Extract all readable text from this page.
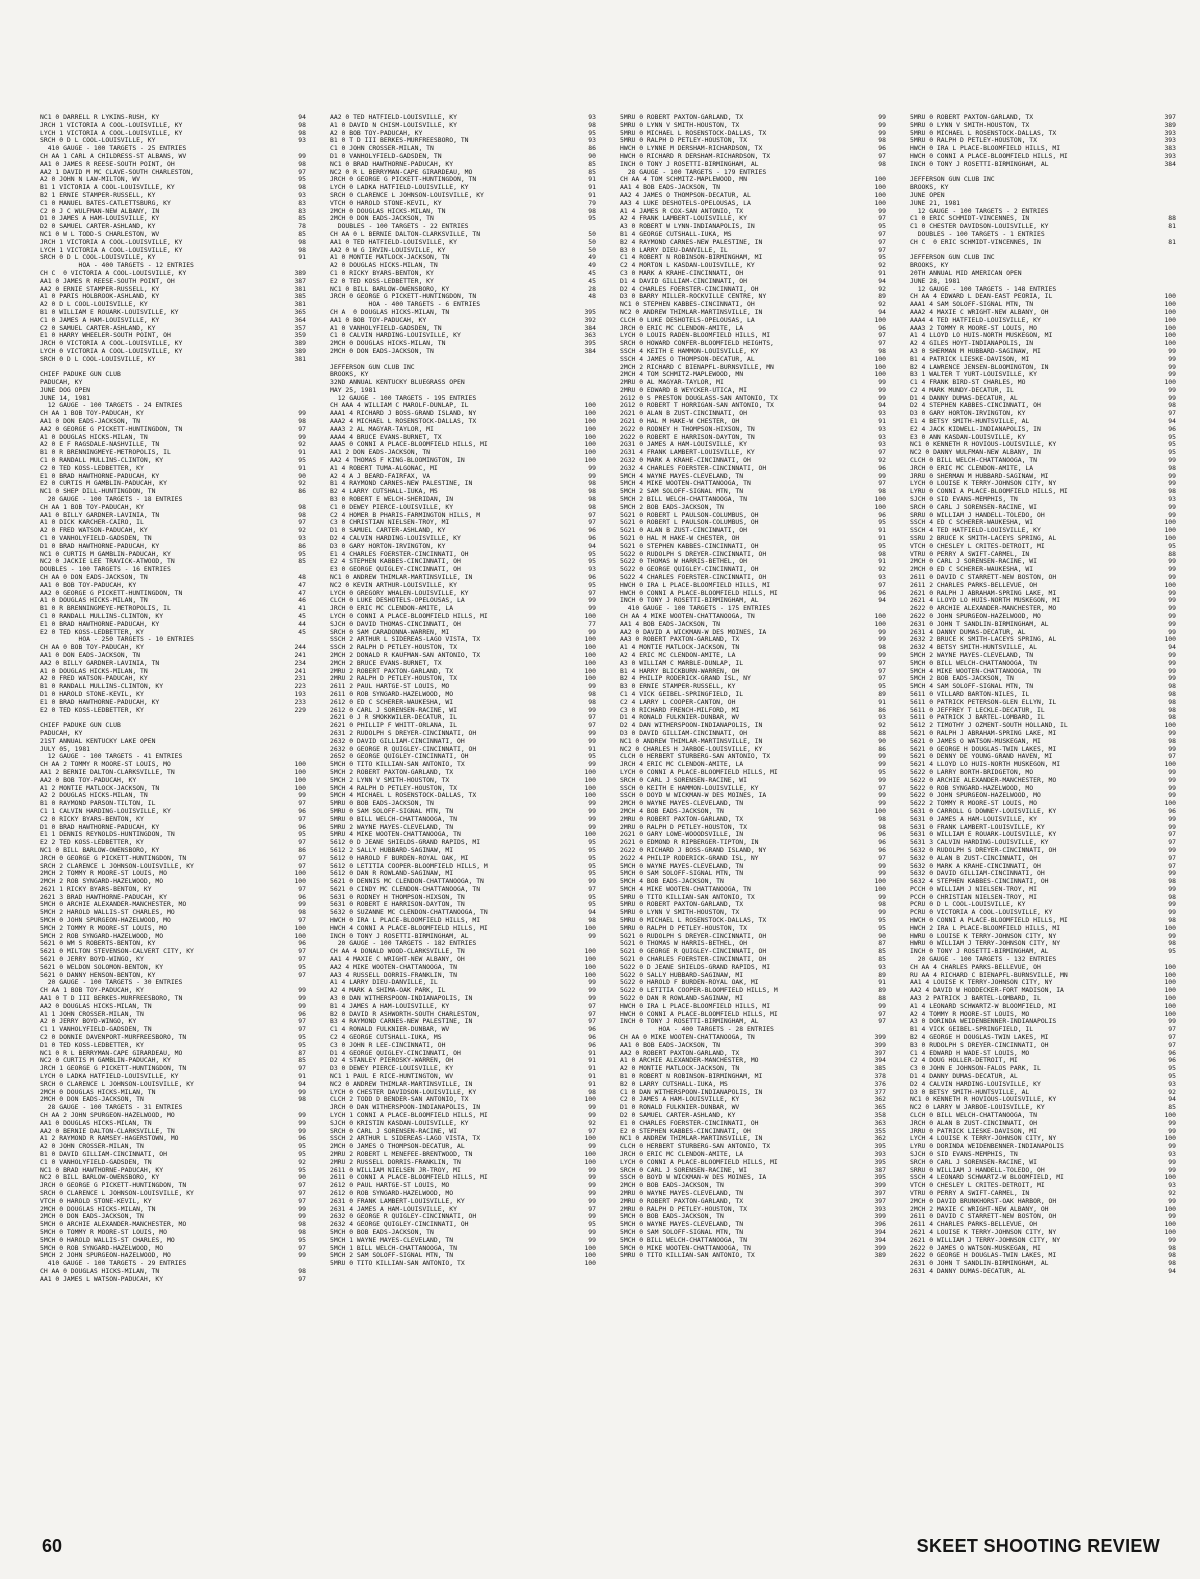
NC1 0 DARRELL R LYKINS-RUSH, KY	94
JRCH 1 VICTORIA A COOL-LOUISVILLE, KY	98
LYCH 1 VICTORIA A COOL-LOUISVILLE, KY	98
SRCH 0 D L COOL-LOUISVILLE, KY	93
410 GAUGE - 100 TARGETS - 25 ENTRIES
CH AA 1 CARL A CHILDRESS-ST ALBANS, WV	99
AA1 0 JAMES R REESE-SOUTH POINT, OH	98
AA2 1 DAVID M MC CLAVE-SOUTH CHARLESTON,	97
A2 0 JOHN N LAW-MILTON, WV	95
B1 1 VICTORIA A COOL-LOUISVILLE, KY	98
B2 1 ERNIE STAMPER-RUSSELL, KY	93
C1 0 MANUEL BATES-CATLETTSBURG, KY	83
C2 0 J C WULFMAN-NEW ALBANY, IN	83
D1 0 JAMES A HAM-LOUISVILLE, KY	85
D2 0 SAMUEL CARTER-ASHLAND, KY	78
NC1 0 W L TODD-S CHARLESTON, WV	85
JRCH 1 VICTORIA A COOL-LOUISVILLE, KY	98
LYCH 1 VICTORIA A COOL-LOUISVILLE, KY	98
SRCH 0 D L COOL-LOUISVILLE, KY	91
HOA - 400 TARGETS - 12 ENTRIES
CH C  0 VICTORIA A COOL-LOUISVILLE, KY	389
AA1 0 JAMES R REESE-SOUTH POINT, OH	387
AA2 0 ERNIE STAMPER-RUSSELL, KY	381
A1 0 PARIS HOLBROOK-ASHLAND, KY	385
A2 0 D L COOL-LOUISVILLE, KY	381
B1 0 WILLIAM E ROUARK-LOUISVILLE, KY	365
C1 0 JAMES A HAM-LOUISVILLE, KY	364
C2 0 SAMUEL CARTER-ASHLAND, KY	357
E1 0 HARRY WHEELER-SOUTH POINT, OH	359
JRCH 0 VICTORIA A COOL-LOUISVILLE, KY	389
LYCH 0 VICTORIA A COOL-LOUISVILLE, KY	389
SRCH 0 D L COOL-LOUISVILLE, KY	381
CHIEF PADUKE GUN CLUB
PADUCAH, KY
JUNE DOG OPEN
JUNE 14, 1981
12 GAUGE - 100 TARGETS - 24 ENTRIES
CH AA 1 BOB TOY-PADUCAH, KY	99
AA1 0 DON EADS-JACKSON, TN	98
AA2 0 GEORGE G PICKETT-HUNTINGDON, TN	97
A1 0 DOUGLAS HICKS-MILAN, TN	99
A2 0 E F RAGSDALE-NASHVILLE, TN	92
B1 0 R BRENNINGMEYE-METROPOLIS, IL	91
C1 0 RANDALL MULLINS-CLINTON, KY	95
C2 0 TED KOSS-LEDBETTER, KY	91
E1 0 BRAD HAWTHORNE-PADUCAH, KY	90
E2 0 CURTIS M GAMBLIN-PADUCAH, KY	92
NC1 0 SHEP DILL-HUNTINGDON, TN	86
20 GAUGE - 100 TARGETS - 18 ENTRIES
CH AA 1 BOB TOY-PADUCAH, KY	98
AA1 0 BILLY GARDNER-LAVINIA, TN	98
A1 0 DICK KARCHER-CAIRO, IL	97
A2 0 FRED WATSON-PADUCAH, KY	92
C1 0 VANHOLYFIELD-GADSDEN, TN	93
D1 0 BRAD HAWTHORNE-PADUCAH, KY	86
NC1 0 CURTIS M GAMBLIN-PADUCAH, KY	95
NC2 0 JACKIE LEE TRAVICK-ATWOOD, TN	85
DOUBLES - 100 TARGETS - 16 ENTRIES
CH AA 0 DON EADS-JACKSON, TN	48
AA1 0 BOB TOY-PADUCAH, KY	47
AA2 0 GEORGE G PICKETT-HUNTINGDON, TN	47
A1 0 DOUGLAS HICKS-MILAN, TN	46
B1 0 R BRENNINGMEYE-METROPOLIS, IL	41
C1 0 RANDALL MULLINS-CLINTON, KY	45
E1 0 BRAD HAWTHORNE-PADUCAH, KY	44
E2 0 TED KOSS-LEDBETTER, KY	45
HOA - 250 TARGETS - 10 ENTRIES
CH AA 0 BOB TOY-PADUCAH, KY	244
AA1 0 DON EADS-JACKSON, TN	241
AA2 0 BILLY GARDNER-LAVINIA, TN	234
A1 0 DOUGLAS HICKS-MILAN, TN	241
A2 0 FRED WATSON-PADUCAH, KY	231
B1 0 RANDALL MULLINS-CLINTON, KY	223
D1 0 HAROLD STONE-KEVIL, KY	193
E1 0 BRAD HAWTHORNE-PADUCAH, KY	233
E2 0 TED KOSS-LEDBETTER, KY	229
CHIEF PADUKE GUN CLUB
PADUCAH, KY
21ST ANNUAL KENTUCKY LAKE OPEN
JULY 05, 1981
12 GAUGE - 100 TARGETS - 41 ENTRIES
CH AA 2 TOMMY R MOORE-ST LOUIS, MO	100
AA1 2 BERNIE DALTON-CLARKSVILLE, TN	100
AA2 0 BOB TOY-PADUCAH, KY	100
A1 2 MONTIE MATLOCK-JACKSON, TN	100
A2 2 DOUGLAS HICKS-MILAN, TN	99
B1 0 RAYMOND PARSON-TILTON, IL	97
C1 1 CALVIN HARDING-LOUISVILLE, KY	96
C2 0 RICKY BYARS-BENTON, KY	97
D1 0 BRAD HAWTHORNE-PADUCAH, KY	96
E1 1 DENNIS REYNOLDS-HUNTINGDON, TN	95
E2 2 TED KOSS-LEDBETTER, KY	97
NC1 0 BILL BARLOW-OWENSBORO, KY	86
JRCH 0 GEORGE G PICKETT-HUNTINGDON, TN	97
SRCH 2 CLARENCE L JOHNSON-LOUISVILLE, KY	97
2MCH 2 TOMMY R MOORE-ST LOUIS, MO	100
2MCH 2 ROB SYNGARD-HAZELWOOD, MO	100
2621 1 RICKY BYARS-BENTON, KY	97
2621 3 BRAD HAWTHORNE-PADUCAH, KY	96
5MCH 0 ARCHIE ALEXANDER-MANCHESTER, MO	99
5MCH 2 HAROLD WALLIS-ST CHARLES, MO	98
5MCH 0 JOHN SPURGEON-HAZELWOOD, MO	97
5MCH 2 TOMMY R MOORE-ST LOUIS, MO	100
5MCH 2 ROB SYNGARD-HAZELWOOD, MO	100
5621 0 WM S ROBERTS-BENTON, KY	96
5621 0 MILTON STEVENSON-CALVERT CITY, KY	97
5621 0 JERRY BOYD-WINGO, KY	97
5621 0 WELDON SOLOMON-BENTON, KY	95
5621 0 DANNY HENSON-BENTON, KY	97
20 GAUGE - 100 TARGETS - 30 ENTRIES
CH AA 1 BOB TOY-PADUCAH, KY	99
AA1 0 T D III BERKES-MURFREESBORO, TN	99
AA2 0 DOUGLAS HICKS-MILAN, TN	99
A1 1 JOHN CROSSER-MILAN, TN	96
A2 0 JERRY BOYD-WINGO, KY	97
C1 1 VANHOLYFIELD-GADSDEN, TN	97
C2 0 DONNIE DAVENPORT-MURFREESBORO, TN	95
D1 0 TED KOSS-LEDBETTER, KY	95
NC1 0 R L BERRYMAN-CAPE GIRARDEAU, MO	87
NC2 0 CURTIS M GAMBLIN-PADUCAH, KY	85
JRCH 1 GEORGE G PICKETT-HUNTINGDON, TN	97
LYCH 0 LADKA HATFIELD-LOUISVILLE, KY	91
SRCH 0 CLARENCE L JOHNSON-LOUISVILLE, KY	94
2MCH 0 DOUGLAS HICKS-MILAN, TN	99
2MCH 0 DON EADS-JACKSON, TN	98
28 GAUGE - 100 TARGETS - 31 ENTRIES
CH AA 2 JOHN SPURGEON-HAZELWOOD, MO	99
AA1 0 DOUGLAS HICKS-MILAN, TN	99
AA2 0 BERNIE DALTON-CLARKSVILLE, TN	99
A1 2 RAYMOND R RAMSEY-HAGERSTOWN, MO	96
A2 0 JOHN CROSSER-MILAN, TN	95
B1 0 DAVID GILLIAM-CINCINNATI, OH	95
C1 0 VANHOLYFIELD-GADSDEN, TN	92
NC1 0 BRAD HAWTHORNE-PADUCAH, KY	95
NC2 0 BILL BARLOW-OWENSBORO, KY	90
JRCH 0 GEORGE G PICKETT-HUNTINGDON, TN	97
SRCH 0 CLARENCE L JOHNSON-LOUISVILLE, KY	97
VTCH 0 HAROLD STONE-KEVIL, KY	97
2MCH 0 DOUGLAS HICKS-MILAN, TN	99
2MCH 0 DON EADS-JACKSON, TN	99
5MCH 0 ARCHIE ALEXANDER-MANCHESTER, MO	98
5MCH 0 TOMMY R MOORE-ST LOUIS, MO	98
5MCH 0 HAROLD WALLIS-ST CHARLES, MO	95
5MCH 0 ROB SYNGARD-HAZELWOOD, MO	97
5MCH 2 JOHN SPURGEON-HAZELWOOD, MO	99
410 GAUGE - 100 TARGETS - 29 ENTRIES
CH AA 0 DOUGLAS HICKS-MILAN, TN	98
AA1 0 JAMES L WATSON-PADUCAH, KY	97
AA2 0 TED HATFIELD-LOUISVILLE, KY	93
A1 0 DAVID N CHISM-LOUISVILLE, KY	98
A2 0 BOB TOY-PADUCAH, KY	95
B1 0 T D III BERKES-MURFREESBORO, TN	93
C1 0 JOHN CROSSER-MILAN, TN	86
D1 0 VANHOLYFIELD-GADSDEN, TN	90
NC1 0 BRAD HAWTHORNE-PADUCAH, KY	85
NC2 0 R L BERRYMAN-CAPE GIRARDEAU, MO	85
JRCH 0 GEORGE G PICKETT-HUNTINGDON, TN	91
LYCH 0 LADKA HATFIELD-LOUISVILLE, KY	91
SRCH 0 CLARENCE L JOHNSON-LOUISVILLE, KY	91
VTCH 0 HAROLD STONE-KEVIL, KY	79
2MCH 0 DOUGLAS HICKS-MILAN, TN	98
2MCH 0 DON EADS-JACKSON, TN	95
DOUBLES - 100 TARGETS - 22 ENTRIES
CH AA 0 L BERNIE DALTON-CLARKSVILLE, TN	50
AA1 0 TED HATFIELD-LOUISVILLE, KY	50
AA2 0 W G IRVIN-LOUISVILLE, KY	50
A1 0 MONTIE MATLOCK-JACKSON, TN	49
A2 0 DOUGLAS HICKS-MILAN, TN	49
C1 0 RICKY BYARS-BENTON, KY	45
E2 0 TED KOSS-LEDBETTER, KY	45
NC1 0 BILL BARLOW-OWENSBORO, KY	28
JRCH 0 GEORGE G PICKETT-HUNTINGDON, TN	48
HOA - 400 TARGETS - 6 ENTRIES
CH A  0 DOUGLAS HICKS-MILAN, TN	395
AA1 0 BOB TOY-PADUCAH, KY	392
A1 0 VANHOLYFIELD-GADSDEN, TN	384
C1 0 CALVIN HARDING-LOUISVILLE, KY	363
2MCH 0 DOUGLAS HICKS-MILAN, TN	395
2MCH 0 DON EADS-JACKSON, TN	384
JEFFERSON GUN CLUB INC
BROOKS, KY
32ND ANNUAL KENTUCKY BLUEGRASS OPEN
MAY 25, 1981
12 GAUGE - 100 TARGETS - 195 ENTRIES
CH AAA 4 WILLIAM C MAROLF-DUNLAP, IL	100
AAA1 4 RICHARD J BOSS-GRAND ISLAND, NY	100
AAA2 4 MICHAEL L ROSENSTOCK-DALLAS, TX	100
AAA3 2 AL MAGYAR-TAYLOR, MI	100
AAA4 4 BRUCE EVANS-BURNET, TX	100
AAA5 0 CONNI A PLACE-BLOOMFIELD HILLS, MI	100
AA1 2 DON EADS-JACKSON, TN	100
AA2 4 THOMAS F KING-BLOOMINGTON, IN	100
A1 4 ROBERT TUMA-ALGONAC, MI	99
A2 4 A J BEARD-FAIRFAX, VA	99
B1 4 RAYMOND CARNES-NEW PALESTINE, IN	98
B2 4 LARRY CUTSHALL-IUKA, MS	98
B3 0 ROBERT E WELCH-SHERIDAN, IN	98
C1 0 DEWEY PIERCE-LOUISVILLE, KY	98
C2 4 HOMER B PHARIS-FARMINGTON HILLS, M	97
C3 0 CHRISTIAN NIELSEN-TROY, MI	97
D1 0 SAMUEL CARTER-ASHLAND, KY	96
D2 4 CALVIN HARDING-LOUISVILLE, KY	96
D3 0 GARY HORTON-IRVINGTON, KY	94
E1 4 CHARLES FOERSTER-CINCINNATI, OH	95
E2 4 STEPHEN KABBES-CINCINNATI, OH	95
E3 0 GEORGE QUIGLEY-CINCINNATI, OH	93
NC1 0 ANDREW THIMLAR-MARTINSVILLE, IN	96
NC2 0 KEVIN ARTHUR-LOUISVILLE, KY	95
LYCH 0 GREGORY WHALEN-LOUISVILLE, KY	97
CLCH 0 LUKE DESHOTELS-OPELOUSAS, LA	99
JRCH 0 ERIC MC CLENDON-AMITE, LA	99
LYCH 0 CONNI A PLACE-BLOOMFIELD HILLS, MI	100
SJCH 0 DAVID THOMAS-CINCINNATI, OH	77
SRCH 0 SAM CARADONNA-WARREN, MI	99
SSCH 2 ARTHUR L SIDEREAS-LAGO VISTA, TX	100
SSCH 2 RALPH D PETLEY-HOUSTON, TX	100
2MCH 2 DONALD R KAUFMAN-SAN ANTONIO, TX	100
2MCH 2 BRUCE EVANS-BURNET, TX	100
2MRU 2 ROBERT PAXTON-GARLAND, TX	100
2MRU 2 RALPH D PETLEY-HOUSTON, TX	100
2611 2 PAUL HARTGE-ST LOUIS, MO	99
2611 0 ROB SYNGARD-HAZELWOOD, MO	98
2612 0 ED C SCHERER-WAUKESHA, WI	98
2612 0 CARL J SORENSEN-RACINE, WI	99
2621 0 J R SMOKKWILER-DECATUR, IL	97
2621 0 PHILLIP F WHITT-ORLANA, IL	97
2631 2 RUDOLPH S DREYER-CINCINNATI, OH	99
2632 0 DAVID GILLIAM-CINCINNATI, OH	99
2632 0 GEORGE R QUIGLEY-CINCINNATI, OH	91
2652 0 GEORGE QUIGLEY-CINCINNATI, OH	95
5MCH 0 TITO KILLIAN-SAN ANTONIO, TX	99
5MCH 2 ROBERT PAXTON-GARLAND, TX	100
5MCH 2 LYNN V SMITH-HOUSTON, TX	100
5MCH 4 RALPH D PETLEY-HOUSTON, TX	100
5MCH 4 MICHAEL L ROSENSTOCK-DALLAS, TX	100
5MRU 0 BOB EADS-JACKSON, TN	99
5MRU 0 SAM SOLOFF-SIGNAL MTN, TN	99
5MRU 0 BILL WELCH-CHATTANOOGA, TN	99
5MRU 2 WAYNE MAYES-CLEVELAND, TN	99
5MRU 4 MIKE WOOTEN-CHATTANOOGA, TN	100
5612 0 D JEANE SHIELDS-GRAND RAPIDS, MI	95
5612 2 SALLY HUBBARD-SAGINAW, MI	95
5612 0 HAROLD F BURDEN-ROYAL OAK, MI	95
5612 0 LETITIA COOPER-BLOOMFIELD HILLS, M	95
5612 0 DAN R ROWLAND-SAGINAW, MI	95
5621 0 DENNIS MC CLENDON-CHATTANOOGA, TN	99
5621 0 CINDY MC CLENDON-CHATTANOOGA, TN	97
5631 0 RODNEY H THOMPSON-HIXSON, TN	95
5631 0 ROBERT E HARRISON-DAYTON, TN	95
5632 0 SUZANNE MC CLENDON-CHATTANOOGA, TN	94
HWCH 0 IRA L PLACE-BLOOMFIELD HILLS, MI	98
HWCH 4 CONNI A PLACE-BLOOMFIELD HILLS, MI	100
INCH 0 TONY J ROSETTI-BIRMINGHAM, AL	99
20 GAUGE - 100 TARGETS - 182 ENTRIES
CH AA 4 DONALD WOOD-CLARKSVILLE, TN	100
AA1 4 MAXIE C WRIGHT-NEW ALBANY, OH	100
AA2 4 MIKE WOOTEN-CHATTANOOGA, TN	100
AA3 4 RUSSELL DORRIS-FRANKLIN, TN	100
A1 4 LARRY DIEU-DANVILLE, IL	99
A2 4 MARK A SHIMA-OAK PARK, IL	99
A3 0 DAN WITHERSPOON-INDIANAPOLIS, IN	99
B1 4 JAMES A HAM-LOUISVILLE, KY	97
B2 0 DAVID R ASHWORTH-SOUTH CHARLESTON,	97
B3 4 RAYMOND CARNES-NEW PALESTINE, IN	97
C1 4 RONALD FULKNIER-DUNBAR, WV	96
C2 4 GEORGE CUTSHALL-IUKA, MS	96
C3 0 JOHN R LEE-CINCINNATI, OH	96
D1 4 GEORGE QUIGLEY-CINCINNATI, OH	91
D2 4 STANLEY PIEROSKY-WARREN, OH	91
D3 0 DEWEY PIERCE-LOUISVILLE, KY	91
NC1 1 PAUL E RICE-HUNTINGTON, WV	91
NC2 0 ANDREW THIMLAR-MARTINSVILLE, IN	91
LYCH 0 CHESTER DAVIDSON-LOUISVILLE, KY	98
CLCH 2 TODD D BENDER-SAN ANTONIO, TX	100
JRCH 0 DAN WITHERSPOON-INDIANAPOLIS, IN	99
LYCH 1 CONNI A PLACE-BLOOMFIELD HILLS, MI	99
SJCH 0 KRISTIN KASDAN-LOUISVILLE, KY	92
SRCH 0 CARL J SORENSEN-RACINE, WI	97
SSCH 2 ARTHUR L SIDEREAS-LAGO VISTA, TX	100
2MCH 0 JAMES O THOMPSON-DECATUR, AL	99
2MRU 2 ROBERT L MENEFEE-BRENTWOOD, TN	100
2MRU 2 RUSSELL DORRIS-FRANKLIN, TN	100
2611 0 WILLIAM NIELSEN JR-TROY, MI	99
2611 0 CONNI A PLACE-BLOOMFIELD HILLS, MI	99
2612 0 PAUL HARTGE-ST LOUIS, MO	99
2612 0 ROB SYNGARD-HAZELWOOD, MO	99
2631 0 FRANK LAMBERT-LOUISVILLE, KY	99
2631 4 JAMES A HAM-LOUISVILLE, KY	97
2632 0 GEORGE R QUIGLEY-CINCINNATI, OH	99
2632 4 GEORGE QUIGLEY-CINCINNATI, OH	95
5MCH 0 BOB EADS-JACKSON, TN	99
5MCH 1 WAYNE MAYES-CLEVELAND, TN	99
5MCH 1 BILL WELCH-CHATTANOOGA, TN	100
5MCH 2 SAM SOLOFF-SIGNAL MTN, TN	100
5MRU 0 TITO KILLIAN-SAN ANTONIO, TX	100
5MRU 0 ROBERT PAXTON-GARLAND, TX	99
5MRU 0 LYNN V SMITH-HOUSTON, TX	99
5MRU 0 MICHAEL L ROSENSTOCK-DALLAS, TX	99
5MRU 0 RALPH D PETLEY-HOUSTON, TX	98
HWCH 0 LYNNE M DERSHAM-RICHARDSON, TX	96
HWCH 0 RICHARD R DERSHAM-RICHARDSON, TX	97
INCH 0 TONY J ROSETTI-BIRMINGHAM, AL	98
28 GAUGE - 100 TARGETS - 179 ENTRIES
CH AA 4 TOM SCHMITZ-MAPLEWOOD, MN	100
AA1 4 BOB EADS-JACKSON, TN	100
AA2 4 JAMES O THOMPSON-DECATUR, AL	100
AA3 4 LUKE DESHOTELS-OPELOUSAS, LA	100
A1 4 JAMES R COX-SAN ANTONIO, TX	99
A2 4 FRANK LAMBERT-LOUISVILLE, KY	97
A3 0 ROBERT W LYNN-INDIANAPOLIS, IN	95
B1 4 GEORGE CUTSHALL-IUKA, MS	97
B2 4 RAYMOND CARNES-NEW PALESTINE, IN	97
B3 0 LARRY DIEU-DANVILLE, IL	97
C1 4 ROBERT N ROBINSON-BIRMINGHAM, MI	95
C2 4 MORTON L KASDAN-LOUISVILLE, KY	92
C3 0 MARK A KRAHE-CINCINNATI, OH	91
D1 4 DAVID GILLIAM-CINCINNATI, OH	94
D2 4 CHARLES FOERSTER-CINCINNATI, OH	92
D3 0 BARRY MILLER-ROCKVILLE CENTRE, NY	89
NC1 0 STEPHEN KABBES-CINCINNATI, OH	92
NC2 0 ANDREW THIMLAR-MARTINSVILLE, IN	94
CLCH 0 LUKE DESHOTELS-OPELOUSAS, LA	100
JRCH 0 ERIC MC CLENDON-AMITE, LA	96
LYCH 0 LOUIS RADEN-BLOOMFIELD HILLS, MI	97
SRCH 0 HOWARD CONFER-BLOOMFIELD HEIGHTS,	97
SSCH 4 KEITH E HAMMON-LOUISVILLE, KY	98
SSCH 4 JAMES O THOMPSON-DECATUR, AL	100
2MCH 2 RICHARD C BIENAPFL-BURNSVILLE, MN	100
2MCH 4 TOM SCHMITZ-MAPLEWOOD, MN	100
2MRU 0 AL MAGYAR-TAYLOR, MI	99
2MRU 0 EDWARD B WEYCKER-UTICA, MI	99
2G12 0 S PRESTON DOUGLASS-SAN ANTONIO, TX	99
2G12 0 ROBERT T HORRIGAN-SAN ANTONIO, TX	94
2G21 0 ALAN B ZUST-CINCINNATI, OH	93
2G21 0 HAL M HAKE-W CHESTER, OH	91
2G22 0 RODNEY H THOMPSON-HIXSON, TN	93
2G22 0 ROBERT E HARRISON-DAYTON, TN	93
2G31 0 JAMES A HAM-LOUISVILLE, KY	93
2G31 4 FRANK LAMBERT-LOUISVILLE, KY	97
2G32 0 MARK A KRAHE-CINCINNATI, OH	92
2G32 4 CHARLES FOERSTER-CINCINNATI, OH	96
5MCH 4 WAYNE MAYES-CLEVELAND, TN	99
5MCH 4 MIKE WOOTEN-CHATTANOOGA, TN	97
5MCH 2 SAM SOLOFF-SIGNAL MTN, TN	98
5MCH 2 BILL WELCH-CHATTANOOGA, TN	100
5MCH 2 BOB EADS-JACKSON, TN	100
5G21 0 ROBERT L PAULSON-COLUMBUS, OH	96
5G21 0 ROBERT L PAULSON-COLUMBUS, OH	95
5G21 0 ALAN B ZUST-CINCINNATI, OH	91
5G21 0 HAL M HAKE-W CHESTER, OH	91
5G21 0 STEPHEN KABBES-CINCINNATI, OH	95
5G22 0 RUDOLPH S DREYER-CINCINNATI, OH	98
5G22 0 THOMAS W HARRIS-BETHEL, OH	91
5G22 0 GEORGE QUIGLEY-CINCINNATI, OH	92
5G22 4 CHARLES FOERSTER-CINCINNATI, OH	93
HWCH 0 IRA L PLACE-BLOOMFIELD HILLS, MI	97
HWCH 0 CONNI A PLACE-BLOOMFIELD HILLS, MI	96
INCH 0 TONY J ROSETTI-BIRMINGHAM, AL	94
410 GAUGE - 100 TARGETS - 175 ENTRIES
CH AA 4 MIKE WOOTEN-CHATTANOOGA, TN	100
AA1 4 BOB EADS-JACKSON, TN	100
AA2 0 DAVID A WICKMAN-W DES MOINES, IA	99
AA3 0 ROBERT PAXTON-GARLAND, TX	99
A1 4 MONTIE MATLOCK-JACKSON, TN	98
A2 4 ERIC MC CLENDON-AMITE, LA	99
A3 0 WILLIAM C MARBLE-DUNLAP, IL	97
B1 4 HARRY BLICKBURN-WARREN, OH	97
B2 4 PHILIP RODERICK-GRAND ISL, NY	97
B3 0 ERNIE STAMPER-RUSSELL, KY	95
C1 4 VICK GEIBEL-SPRINGFIELD, IL	89
C2 4 LARRY L COOPER-CANTON, OH	91
C3 0 RICHARD FRENCH-MILFORD, MI	86
D1 4 RONALD FULKNIER-DUNBAR, WV	93
D2 4 DAN WITHERSPOON-INDIANAPOLIS, IN	92
D3 0 DAVID GILLIAM-CINCINNATI, OH	88
NC1 0 ANDREW THIMLAR-MARTINSVILLE, IN	90
NC2 0 CHARLES H JARBOE-LOUISVILLE, KY	86
CLCH 0 HERBERT STURBERG-SAN ANTONIO, TX	99
JRCH 4 ERIC MC CLENDON-AMITE, LA	99
LYCH 0 CONNI A PLACE-BLOOMFIELD HILLS, MI	95
SRCH 0 CARL J SORENSEN-RACINE, WI	99
SSCH 0 KEITH E HAMMON-LOUISVILLE, KY	97
SSCH 0 DOYD W WICKMAN-W DES MOINES, IA	99
2MCH 0 WAYNE MAYES-CLEVELAND, TN	99
2MCH 4 BOB EADS-JACKSON, TN	100
2MRU 0 ROBERT PAXTON-GARLAND, TX	98
2MRU 0 RALPH D PETLEY-HOUSTON, TX	98
2G21 0 GARY LOWE-WOOODSVILLE, IN	96
2G21 0 EDMOND R RIPBERGER-TIPTON, IN	96
2G22 0 RICHARD J BOSS-GRAND ISLAND, NY	96
2G22 4 PHILIP RODERICK-GRAND ISL, NY	97
5MCH 0 WAYNE MAYES-CLEVELAND, TN	99
5MCH 0 SAM SOLOFF-SIGNAL MTN, TN	99
5MCH 4 BOB EADS-JACKSON, TN	100
5MCH 4 MIKE WOOTEN-CHATTANOOGA, TN	100
5MRU 0 TITO KILLIAN-SAN ANTONIO, TX	99
5MRU 0 ROBERT PAXTON-GARLAND, TX	98
5MRU 0 LYNN V SMITH-HOUSTON, TX	99
5MRU 0 MICHAEL L ROSENSTOCK-DALLAS, TX	95
5MRU 0 RALPH D PETLEY-HOUSTON, TX	95
5G21 0 RUDOLPH S DREYER-CINCINNATI, OH	90
5G21 0 THOMAS W HARRIS-BETHEL, OH	87
5G21 0 GEORGE R QUIGLEY-CINCINNATI, OH	85
5G21 0 CHARLES FOERSTER-CINCINNATI, OH	85
5G22 0 D JEANE SHIELDS-GRAND RAPIDS, MI	93
5G22 0 SALLY HUBBARD-SAGINAW, MI	89
5G22 0 HAROLD F BURDEN-ROYAL OAK, MI	91
5G22 0 LETITIA COOPER-BLOOMFIELD HILLS, M	89
5G22 0 DAN R ROWLAND-SAGINAW, MI	88
HWCH 0 IRA L PLACE-BLOOMFIELD HILLS, MI	99
HWCH 0 CONNI A PLACE-BLOOMFIELD HILLS, MI	97
INCH 0 TONY J ROSETTI-BIRMINGHAM, AL	97
HOA - 400 TARGETS - 28 ENTRIES
CH AA 0 MIKE WOOTEN-CHATTANOOGA, TN	399
AA1 0 BOB EADS-JACKSON, TN	399
AA2 0 ROBERT PAXTON-GARLAND, TX	397
A1 0 ARCHIE ALEXANDER-MANCHESTER, MO	394
A2 0 MONTIE MATLOCK-JACKSON, TN	385
B1 0 ROBERT N ROBINSON-BIRMINGHAM, MI	378
B2 0 LARRY CUTSHALL-IUKA, MS	376
C1 0 DAN WITHERSPOON-INDIANAPOLIS, IN	377
C2 0 JAMES A HAM-LOUISVILLE, KY	362
D1 0 RONALD FULKNIER-DUNBAR, WV	365
D2 0 SAMUEL CARTER-ASHLAND, KY	358
E1 0 CHARLES FOERSTER-CINCINNATI, OH	363
E2 0 STEPHEN KABBES-CINCINNATI, OH	355
NC1 0 ANDREW THIMLAR-MARTINSVILLE, IN	362
CLCH 0 HERBERT STURBERG-SAN ANTONIO, TX	395
JRCH 0 ERIC MC CLENDON-AMITE, LA	393
LYCH 0 CONNI A PLACE-BLOOMFIELD HILLS, MI	395
SRCH 0 CARL J SORENSEN-RACINE, WI	387
SSCH 0 BOYD W WICKMAN-W DES MOINES, IA	395
2MCH 0 BOB EADS-JACKSON, TN	399
2MRU 0 WAYNE MAYES-CLEVELAND, TN	397
2MRU 0 ROBERT PAXTON-GARLAND, TX	397
2MRU 0 RALPH D PETLEY-HOUSTON, TX	393
5MCH 0 BOB EADS-JACKSON, TN	399
5MCH 0 WAYNE MAYES-CLEVELAND, TN	396
5MCH 0 SAM SOLOFF-SIGNAL MTN, TN	394
5MCH 0 BILL WELCH-CHATTANOOGA, TN	394
5MCH 0 MIKE WOOTEN-CHATTANOOGA, TN	399
5MRU 0 TITO KILLIAN-SAN ANTONIO, TX	389
5MRU 0 ROBERT PAXTON-GARLAND, TX	397
5MRU 0 LYNN V SMITH-HOUSTON, TX	389
5MRU 0 MICHAEL L ROSENSTOCK-DALLAS, TX	393
5MRU 0 RALPH D PETLEY-HOUSTON, TX	393
HWCH 0 IRA L PLACE-BLOOMFIELD HILLS, MI	383
HWCH 0 CONNI A PLACE-BLOOMFIELD HILLS, MI	393
INCH 0 TONY J ROSETTI-BIRMINGHAM, AL	384
JEFFERSON GUN CLUB INC
BROOKS, KY
JUNE OPEN
JUNE 21, 1981
12 GAUGE - 100 TARGETS - 2 ENTRIES
C1 0 ERIC SCHMIDT-VINCENNES, IN	88
C1 0 CHESTER DAVIDSON-LOUISVILLE, KY	81
DOUBLES - 100 TARGETS - 1 ENTRIES
CH C  0 ERIC SCHMIDT-VINCENNES, IN	81
JEFFERSON GUN CLUB INC
BROOKS, KY
20TH ANNUAL MID AMERICAN OPEN
JUNE 28, 1981
12 GAUGE - 100 TARGETS - 148 ENTRIES
CH AA 4 EDWARD L DEAN-EAST PEORIA, IL	100
AAA1 4 SAM SOLOFF-SIGNAL MTN, TN	100
AAA2 4 MAXIE C WRIGHT-NEW ALBANY, OH	100
AAA4 4 TED HATFIELD-LOUISVILLE, KY	100
AAA3 2 TOMMY R MOORE-ST LOUIS, MO	100
A1 4 LLOYD LO HUIS-NORTH MUSKEGON, MI	100
A2 4 GILES HOYT-INDIANAPOLIS, IN	100
A3 0 SHERMAN M HUBBARD-SAGINAW, MI	99
B1 4 PATRICK LIESKE-DAVISON, MI	99
B2 4 LAWRENCE JENSEN-BLOOMINGTON, IN	99
B3 1 WALTER T YURT-LOUISVILLE, KY	99
C1 4 FRANK BIRD-ST CHARLES, MO	100
C2 4 MARK MUNDY-DECATUR, IL	99
D1 4 DANNY DUMAS-DECATUR, AL	99
D2 4 STEPHEN KABBES-CINCINNATI, OH	98
D3 0 GARY HORTON-IRVINGTON, KY	97
E1 4 BETSY SMITH-HUNTSVILLE, AL	94
E2 4 JACK KIDWELL-INDIANAPOLIS, IN	96
E3 0 ANN KASDAN-LOUISVILLE, KY	95
NC1 0 KENNETH R HOVIOUS-LOUISVILLE, KY	95
NC2 0 DANNY WULFMAN-NEW ALBANY, IN	95
CLCH 0 BILL WELCH-CHATTANOOGA, TN	99
JRCH 0 ERIC MC CLENDON-AMITE, LA	98
JRRU 0 SHERMAN M HUBBARD-SAGINAW, MI	99
LYCH 0 LOUISE K TERRY-JOHNSON CITY, NY	99
LYRU 0 CONNI A PLACE-BLOOMFIELD HILLS, MI	98
SJCH 0 SID EVANS-MEMPHIS, TN	93
SRCH 0 CARL J SORENSEN-RACINE, WI	99
SRRU 0 WILLIAM J HANDELL-TOLEDO, OH	99
SSCH 4 ED C SCHERER-WAUKESHA, WI	100
SSCH 4 TED HATFIELD-LOUISVILLE, KY	100
SSRU 2 BRUCE K SMITH-LACEYS SPRING, AL	100
VTCH 0 CHESLEY L CRITES-DETROIT, MI	95
VTRU 0 PERRY A SWIFT-CARMEL, IN	88
2MCH 0 CARL J SORENSEN-RACINE, WI	99
2MCH 0 ED C SCHERER-WAUKESHA, WI	99
2611 0 DAVID C STARRETT-NEW BOSTON, OH	99
2611 2 CHARLES PARKS-BELLEVUE, OH	100
2621 0 RALPH J ABRAHAM-SPRING LAKE, MI	99
2621 4 LLOYD LO HUIS-NORTH MUSKEGON, MI	99
2622 0 ARCHIE ALEXANDER-MANCHESTER, MO	99
2622 0 JOHN SPURGEON-HAZELWOOD, MO	99
2631 0 JOHN T SANDLIN-BIRMINGHAM, AL	99
2631 4 DANNY DUMAS-DECATUR, AL	99
2632 2 BRUCE K SMITH-LACEYS SPRING, AL	100
2632 4 BETSY SMITH-HUNTSVILLE, AL	94
5MCH 2 WAYNE MAYES-CLEVELAND, TN	99
5MCH 0 BILL WELCH-CHATTANOOGA, TN	99
5MCH 4 MIKE WOOTEN-CHATTANOOGA, TN	99
5MCH 2 BOB EADS-JACKSON, TN	99
5MCH 4 SAM SOLOFF-SIGNAL MTN, TN	98
5611 0 VILLARD BARTON-NILES, IL	98
5611 0 PATRICK PETERSON-GLEN ELLYN, IL	98
5611 0 JEFFREY T LECKLE-DECATUR, IL	98
5611 0 PATRICK J BARTEL-LOMBARD, IL	98
5612 2 TIMOTHY J OZMENT-SOUTH HOLLAND, IL	100
5621 0 RALPH J ABRAHAM-SPRING LAKE, MI	99
5621 0 JAMES O WATSON-MUSKEGAN, MI	98
5621 0 GEORGE H DOUGLAS-TWIN LAKES, MI	99
5621 0 DENNY DE YOUNG-GRAND HAVEN, MI	97
5621 4 LLOYD LO HUIS-NORTH MUSKEGON, MI	100
5622 0 LARRY BORTH-BRIDGETON, MO	99
5622 0 ARCHIE ALEXANDER-MANCHESTER, MO	99
5622 0 ROB SYNGARD-HAZELWOOD, MO	99
5622 0 JOHN SPURGEON-HAZELWOOD, MO	99
5622 2 TOMMY R MOORE-ST LOUIS, MO	100
5631 0 CARROLL G DOWNEY-LOUISVILLE, KY	96
5631 0 JAMES A HAM-LOUISVILLE, KY	99
5631 0 FRANK LAMBERT-LOUISVILLE, KY	99
5631 0 WILLIAM E ROUARK-LOUISVILLE, KY	97
5631 3 CALVIN HARDING-LOUISVILLE, KY	97
5632 0 RUDOLPH S DREYER-CINCINNATI, OH	99
5632 0 ALAN B ZUST-CINCINNATI, OH	97
5632 0 MARK A KRAHE-CINCINNATI, OH	97
5632 0 DAVID GILLIAM-CINCINNATI, OH	99
5632 4 STEPHEN KABBES-CINCINNATI, OH	98
PCCH 0 WILLIAM J NIELSEN-TROY, MI	99
PCCH 0 CHRISTIAN NIELSEN-TROY, MI	98
PCRU 0 D L COOL-LOUISVILLE, KY	99
PCRU 0 VICTORIA A COOL-LOUISVILLE, KY	99
HWCH 0 CONNI A PLACE-BLOOMFIELD HILLS, MI	98
HWCH 2 IRA L PLACE-BLOOMFIELD HILLS, MI	100
HWRU 0 LOUISE K TERRY-JOHNSON CITY, NY	99
HWRU 0 WILLIAM J TERRY-JOHNSON CITY, NY	98
INCH 0 TONY J ROSETTI-BIRMINGHAM, AL	95
20 GAUGE - 100 TARGETS - 132 ENTRIES
CH AA 4 CHARLES PARKS-BELLEVUE, OH	100
RU AA 4 RICHARD C BIENAPFL-BURNSVILLE, MN	100
AA1 4 LOUISE K TERRY-JOHNSON CITY, NY	100
AA2 4 DAVID W HODDECKER-FORT MADISON, IA	100
AA3 2 PATRICK J BARTEL-LOMBARD, IL	100
A1 4 LEONARD SCHWARTZ-W BLOOMFIELD, MI	100
A2 4 TOMMY R MOORE-ST LOUIS, MO	100
A3 0 DORINDA WEIDENBENNER-INDIANAPOLIS	99
B1 4 VICK GEIBEL-SPRINGFIELD, IL	97
B2 4 GEORGE H DOUGLAS-TWIN LAKES, MI	97
B3 0 RUDOLPH S DREYER-CINCINNATI, OH	97
C1 4 EDWARD H WADE-ST LOUIS, MO	96
C2 4 DOUG HOLLER-DETROIT, MI	96
C3 0 JOHN E JOHNSON-FALOS PARK, IL	95
D1 4 DANNY DUMAS-DECATUR, AL	95
D2 4 CALVIN HARDING-LOUISVILLE, KY	93
D3 0 BETSY SMITH-HUNTSVILLE, AL	92
NC1 0 KENNETH R HOVIOUS-LOUISVILLE, KY	94
NC2 0 LARRY W JARBOE-LOUISVILLE, KY	85
CLCH 0 BILL WELCH-CHATTANOOGA, TN	100
JRCH 0 ALAN B ZUST-CINCINNATI, OH	99
JRRU 0 PATRICK LIESKE-DAVISON, MI	99
LYCH 4 LOUISE K TERRY-JOHNSON CITY, NY	100
LYRU 0 DORINDA WEIDENBENNER-INDIANAPOLIS	99
SJCH 0 SID EVANS-MEMPHIS, TN	93
SRCH 0 CARL J SORENSEN-RACINE, WI	99
SRRU 0 WILLIAM J HANDELL-TOLEDO, OH	99
SSCH 4 LEONARD SCHWARTZ-W BLOOMFIELD, MI	100
VTCH 0 CHESLEY L CRITES-DETROIT, MI	93
VTRU 0 PERRY A SWIFT-CARMEL, IN	92
2MCH 0 DAVID BRUNKHORST-OAK HARBOR, OH	99
2MCH 2 MAXIE C WRIGHT-NEW ALBANY, OH	100
2611 0 DAVID C STARRETT-NEW BOSTON, OH	99
2611 4 CHARLES PARKS-BELLEVUE, OH	100
2621 4 LOUISE K TERRY-JOHNSON CITY, NY	100
2621 0 WILLIAM J TERRY-JOHNSON CITY, NY	99
2622 0 JAMES O WATSON-MUSKEGAN, MI	98
2622 0 GEORGE H DOUGLAS-TWIN LAKES, MI	98
2631 0 JOHN T SANDLIN-BIRMINGHAM, AL	98
2631 4 DANNY DUMAS-DECATUR, AL	94
60	SKEET SHOOTING REVIEW
